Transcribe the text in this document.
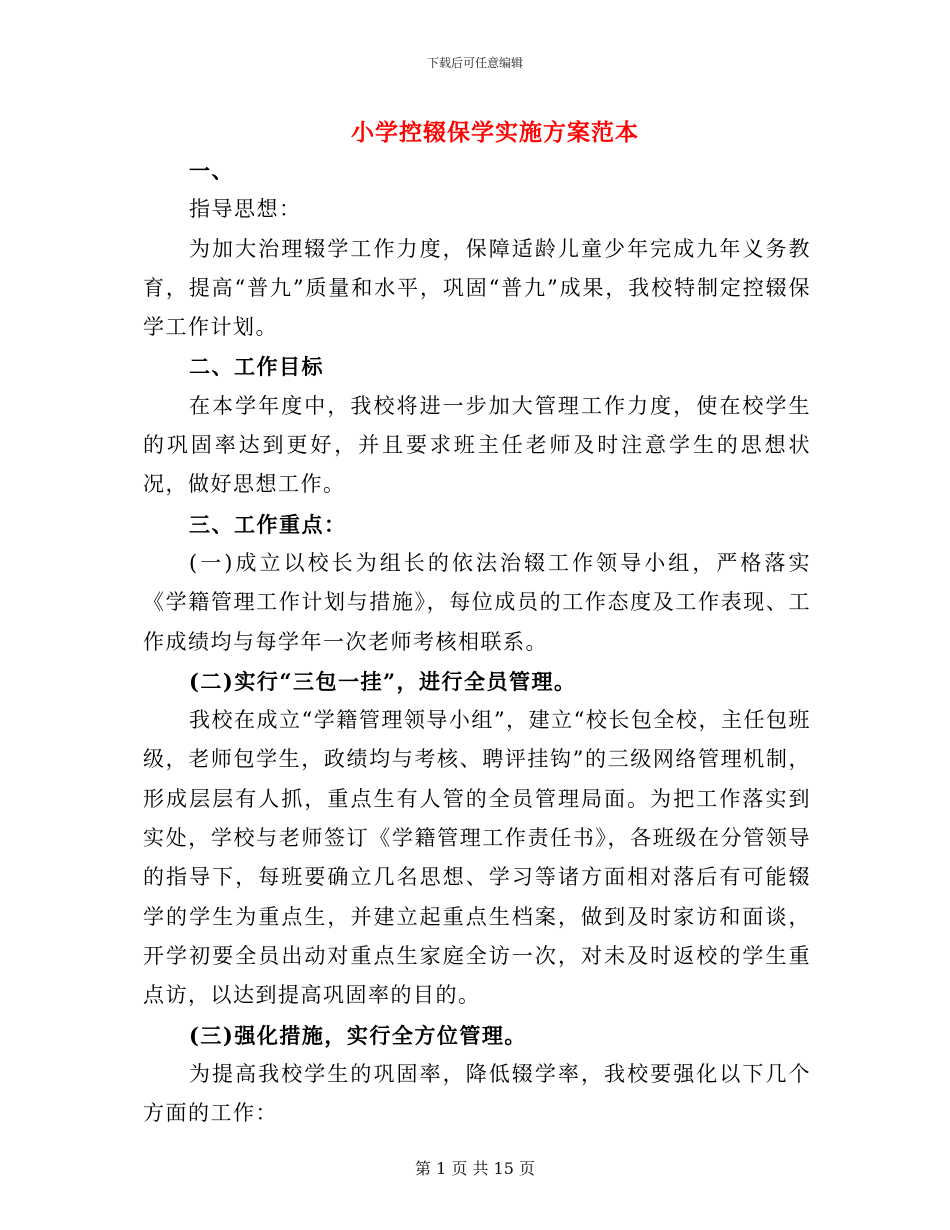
下载后可任意编辑
小学控辍保学实施方案范本

一、

指导思想：

为加大治理辍学工作力度，保障适龄儿童少年完成九年义务教育，提高“普九”质量和水平，巩固“普九”成果，我校特制定控辍保学工作计划。

二、工作目标

在本学年度中，我校将进一步加大管理工作力度，使在校学生的巩固率达到更好，并且要求班主任老师及时注意学生的思想状况，做好思想工作。

三、工作重点：

(一)成立以校长为组长的依法治辍工作领导小组，严格落实《学籍管理工作计划与措施》，每位成员的工作态度及工作表现、工作成绩均与每学年一次老师考核相联系。

(二)实行“三包一挂”，进行全员管理。

我校在成立“学籍管理领导小组”，建立“校长包全校，主任包班级，老师包学生，政绩均与考核、聘评挂钩”的三级网络管理机制，形成层层有人抓，重点生有人管的全员管理局面。为把工作落实到实处，学校与老师签订《学籍管理工作责任书》，各班级在分管领导的指导下，每班要确立几名思想、学习等诸方面相对落后有可能辍学的学生为重点生，并建立起重点生档案，做到及时家访和面谈，开学初要全员出动对重点生家庭全访一次，对未及时返校的学生重点访，以达到提高巩固率的目的。

(三)强化措施，实行全方位管理。

为提高我校学生的巩固率，降低辍学率，我校要强化以下几个方面的工作：

第 1 页 共 15 页
